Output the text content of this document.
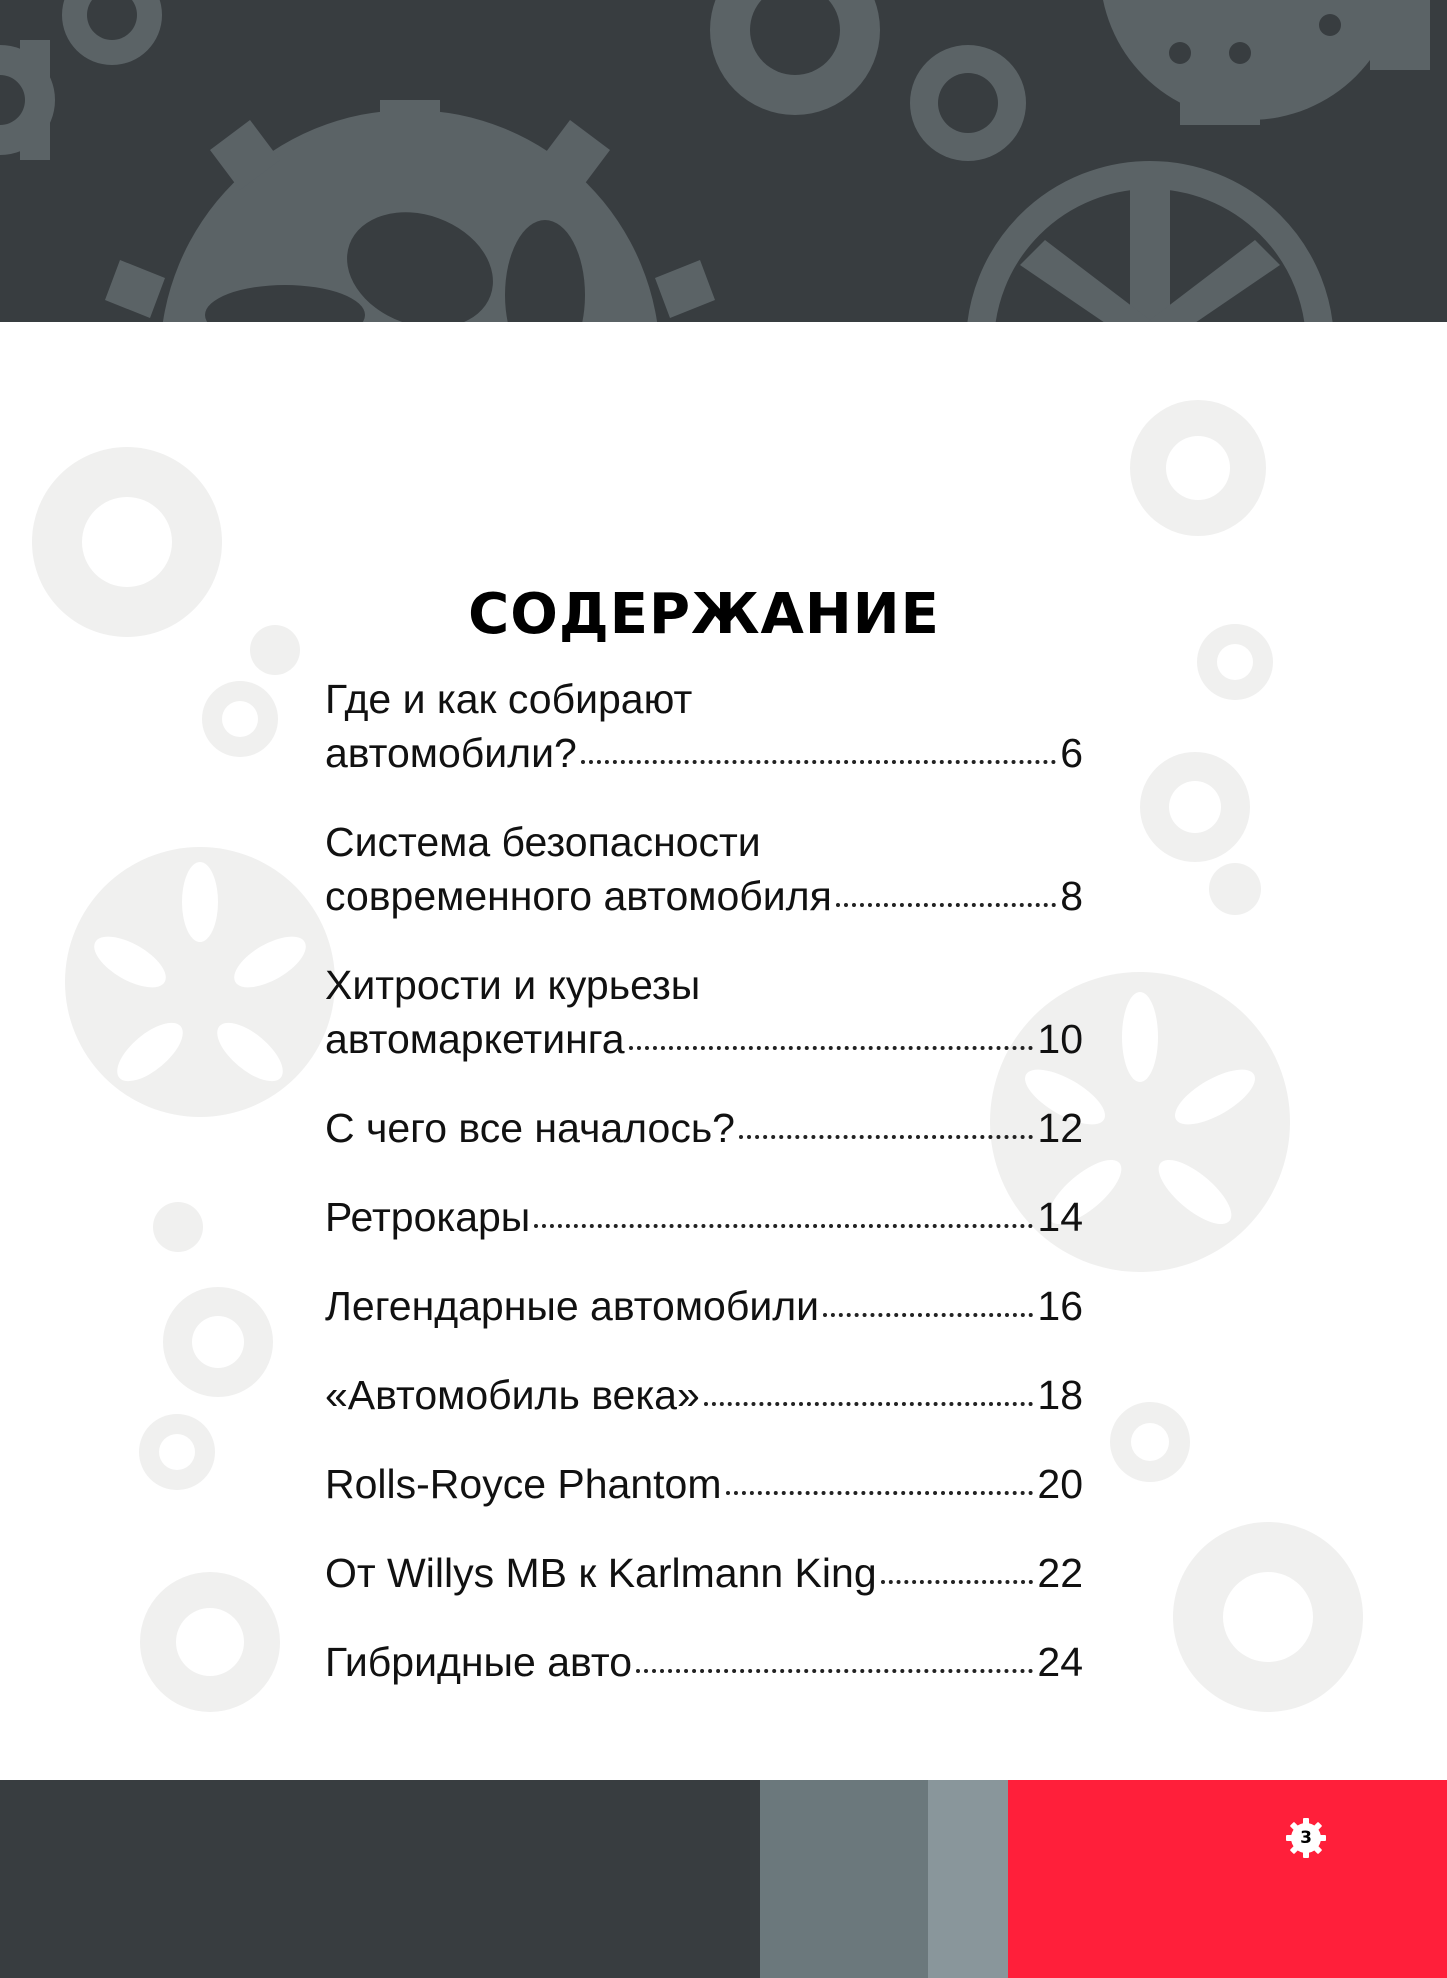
СОДЕРЖАНИЕ
Где и как собирают
автомобили?	6
Система безопасности
современного автомобиля	8
Хитрости и курьезы
автомаркетинга	10
С чего все началось?	12
Ретрокары	14
Легендарные автомобили	16
«Автомобиль века»	18
Rolls-Royce Phantom	20
От Willys MB к Karlmann King	22
Гибридные авто	24
3
